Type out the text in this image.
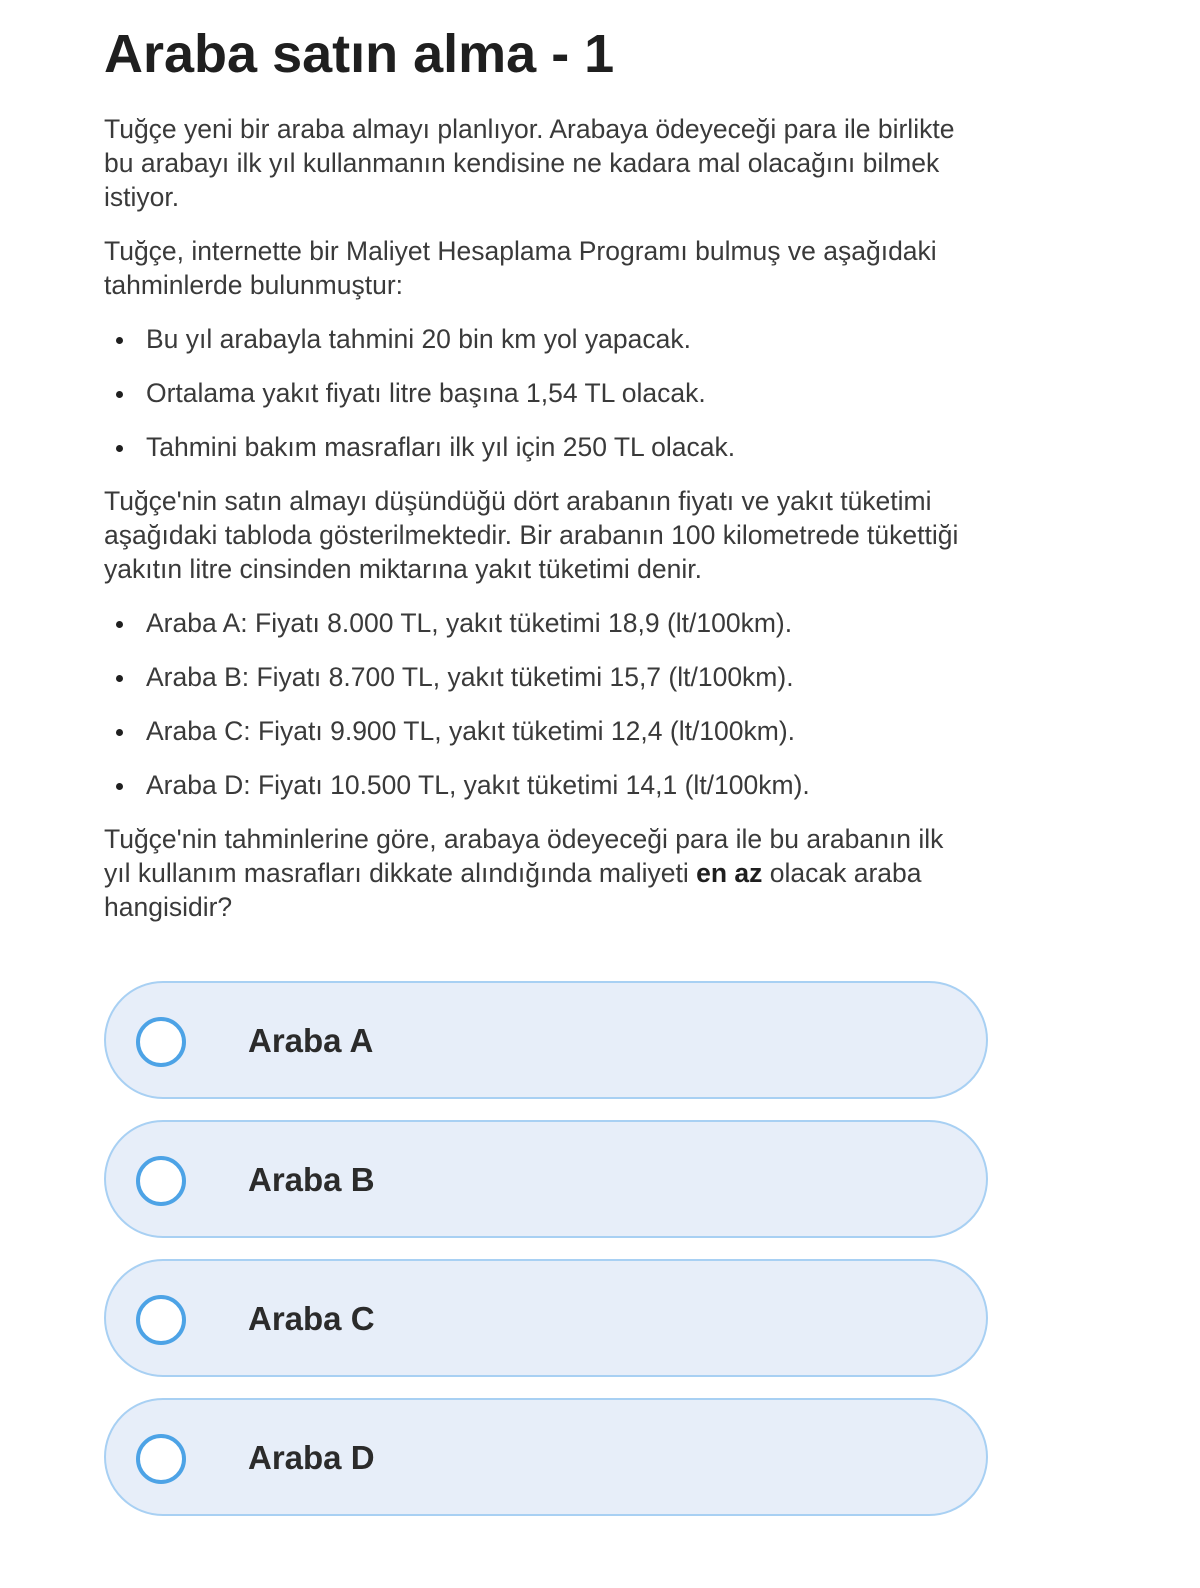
Araba satın alma - 1

Tuğçe yeni bir araba almayı planlıyor. Arabaya ödeyeceği para ile birlikte bu arabayı ilk yıl kullanmanın kendisine ne kadara mal olacağını bilmek istiyor.

Tuğçe, internette bir Maliyet Hesaplama Programı bulmuş ve aşağıdaki tahminlerde bulunmuştur:

Bu yıl arabayla tahmini 20 bin km yol yapacak.
Ortalama yakıt fiyatı litre başına 1,54 TL olacak.
Tahmini bakım masrafları ilk yıl için 250 TL olacak.

Tuğçe'nin satın almayı düşündüğü dört arabanın fiyatı ve yakıt tüketimi aşağıdaki tabloda gösterilmektedir. Bir arabanın 100 kilometrede tükettiği yakıtın litre cinsinden miktarına yakıt tüketimi denir.

Araba A: Fiyatı 8.000 TL, yakıt tüketimi 18,9 (lt/100km).
Araba B: Fiyatı 8.700 TL, yakıt tüketimi 15,7 (lt/100km).
Araba C: Fiyatı 9.900 TL, yakıt tüketimi 12,4 (lt/100km).
Araba D: Fiyatı 10.500 TL, yakıt tüketimi 14,1 (lt/100km).

Tuğçe'nin tahminlerine göre, arabaya ödeyeceği para ile bu arabanın ilk yıl kullanım masrafları dikkate alındığında maliyeti en az olacak araba hangisidir?

Araba A
Araba B
Araba C
Araba D
